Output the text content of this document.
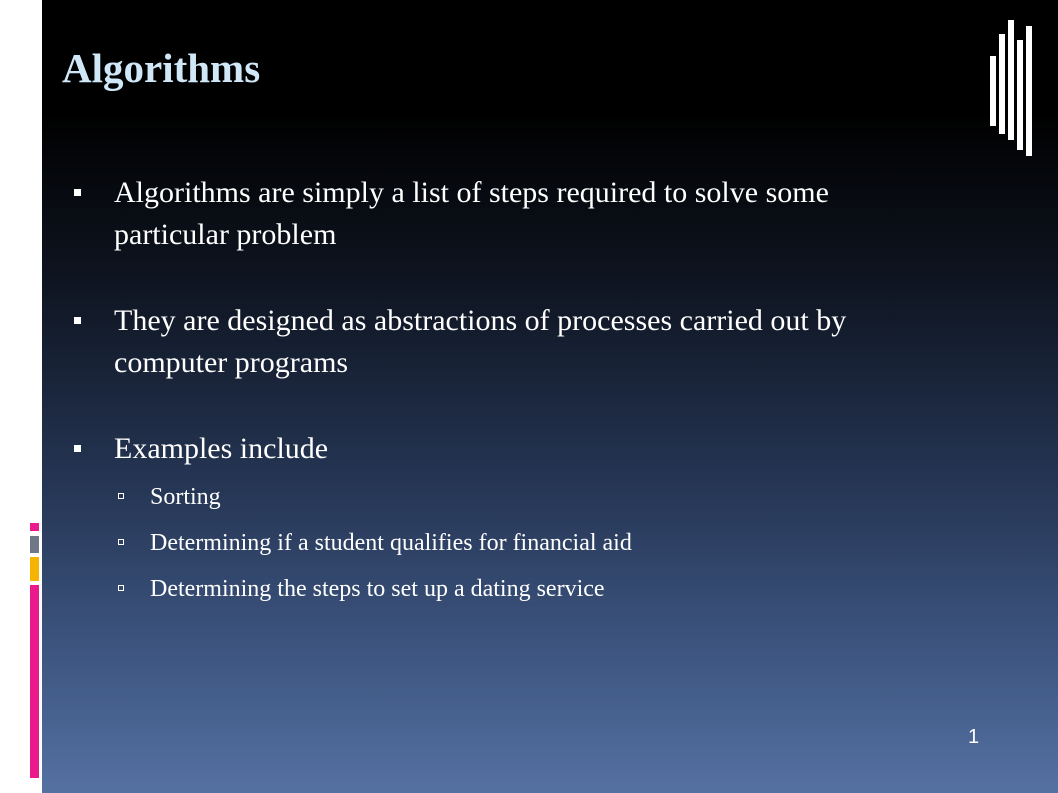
Algorithms
Algorithms are simply a list of steps required to solve some particular problem
They are designed as abstractions of processes carried out by computer programs
Examples include
Sorting
Determining if a student qualifies for financial aid
Determining the steps to set up a dating service
1
